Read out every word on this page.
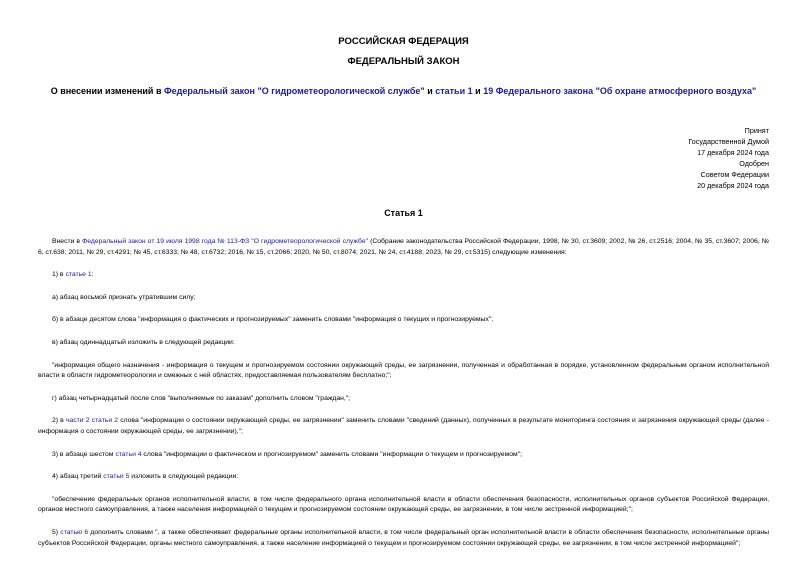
РОССИЙСКАЯ ФЕДЕРАЦИЯ
ФЕДЕРАЛЬНЫЙ ЗАКОН
О внесении изменений в Федеральный закон "О гидрометеорологической службе" и статьи 1 и 19 Федерального закона "Об охране атмосферного воздуха"
Принят
Государственной Думой
17 декабря 2024 года
Одобрен
Советом Федерации
20 декабря 2024 года
Статья 1

Внести в Федеральный закон от 19 июля 1998 года № 113-ФЗ "О гидрометеорологической службе" (Собрание законодательства Российской Федерации, 1998, № 30, ст.3609; 2002, № 26, ст.2516; 2004, № 35, ст.3607; 2006, № 6, ст.638; 2011, № 29, ст.4291; № 45, ст.6333; № 48, ст.6732; 2016, № 15, ст.2066; 2020, № 50, ст.8074; 2021, № 24, ст.4188; 2023, № 29, ст.5315) следующие изменения:

1) в статье 1:

а) абзац восьмой признать утратившим силу;

б) в абзаце десятом слова "информация о фактических и прогнозируемых" заменить словами "информация о текущих и прогнозируемых";

в) абзац одиннадцатый изложить в следующей редакции:

"информация общего назначения - информация о текущем и прогнозируемом состоянии окружающей среды, ее загрязнении, полученная и обработанная в порядке, установленном федеральным органом исполнительной власти в области гидрометеорологии и смежных с ней областях, предоставляемая пользователям бесплатно;";

г) абзац четырнадцатый после слов "выполняемые по заказам" дополнить словом "граждан,";

2) в части 2 статьи 2 слова "информации о состоянии окружающей среды, ее загрязнении" заменить словами "сведений (данных), полученных в результате мониторинга состояния и загрязнения окружающей среды (далее - информация о состоянии окружающей среды, ее загрязнении),";

3) в абзаце шестом статьи 4 слова "информации о фактическом и прогнозируемом" заменить словами "информации о текущем и прогнозируемом";

4) абзац третий статьи 5 изложить в следующей редакции:

"обеспечение федеральных органов исполнительной власти, в том числе федерального органа исполнительной власти в области обеспечения безопасности, исполнительных органов субъектов Российской Федерации, органов местного самоуправления, а также населения информацией о текущем и прогнозируемом состоянии окружающей среды, ее загрязнении, в том числе экстренной информацией;";

5) статью 6 дополнить словами ", а также обеспечивает федеральные органы исполнительной власти, в том числе федеральный орган исполнительной власти в области обеспечения безопасности, исполнительные органы субъектов Российской Федерации, органы местного самоуправления, а также население информацией о текущем и прогнозируемом состоянии окружающей среды, ее загрязнении, в том числе экстренной информацией";
